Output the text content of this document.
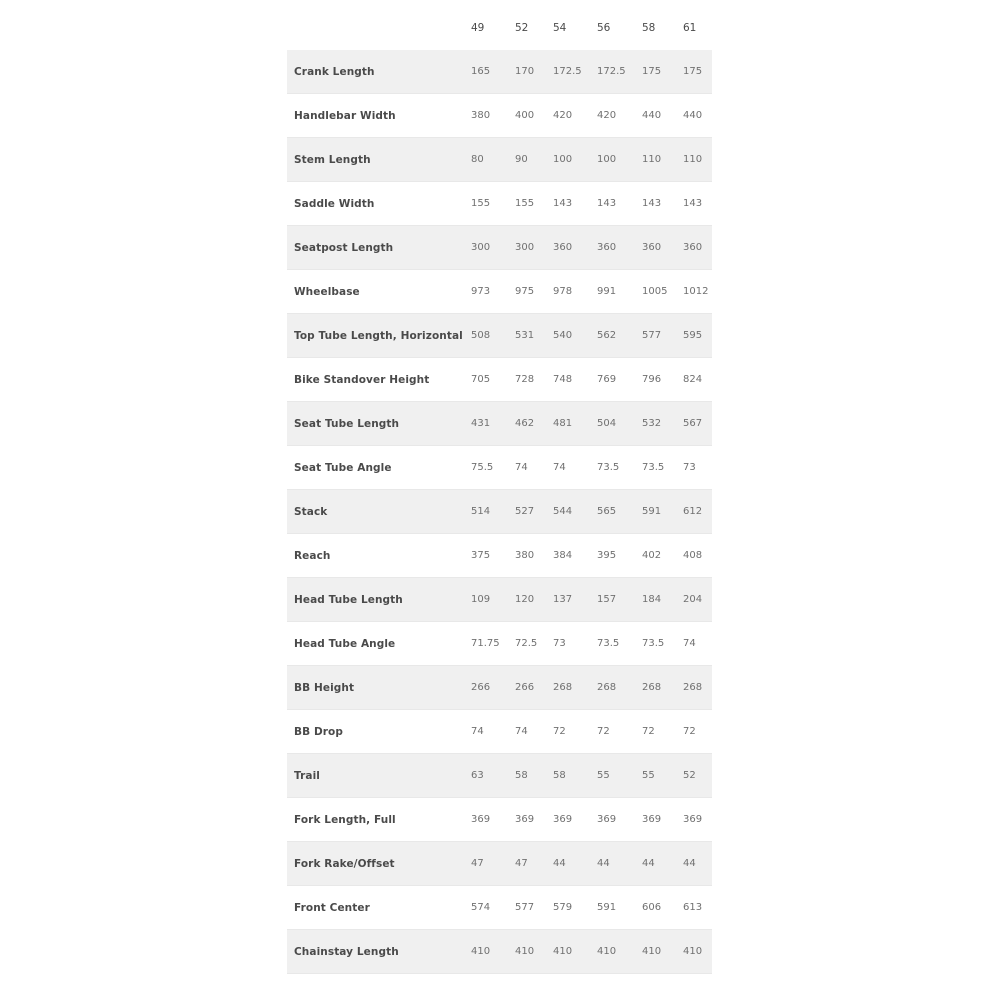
49	52 54	56	58	61
Crank Length	165 170 172.5 172.5 175 175
Handlebar Width	380 400 420 420	440 440
Stem Length	80	90	100 100	110 110
Saddle Width	155 155 143 143	143 143
Seatpost Length	300 300 360 360	360 360
Wheelbase	973 975 978 991	1005 1012
Top Tube Length, Horizontal 508 531 540 562	577 595
Bike Standover Height	705 728 748 769	796 824
Seat Tube Length	431 462 481 504	532 567
Seat Tube Angle	75.5 74	74	73.5 73.5 73
Stack	514 527 544 565	591 612
Reach	375 380 384 395	402 408
Head Tube Length	109 120 137 157	184 204
Head Tube Angle	71.75 72.5 73	73.5 73.5 74
BB Height	266 266 268 268	268 268
BB Drop	74	74	72	72	72	72
Trail	63	58	58	55	55	52
Fork Length, Full	369 369 369 369	369 369
Fork Rake/Offset	47	47	44	44	44	44
Front Center	574 577 579 591	606 613
Chainstay Length	410 410 410 410	410 410
